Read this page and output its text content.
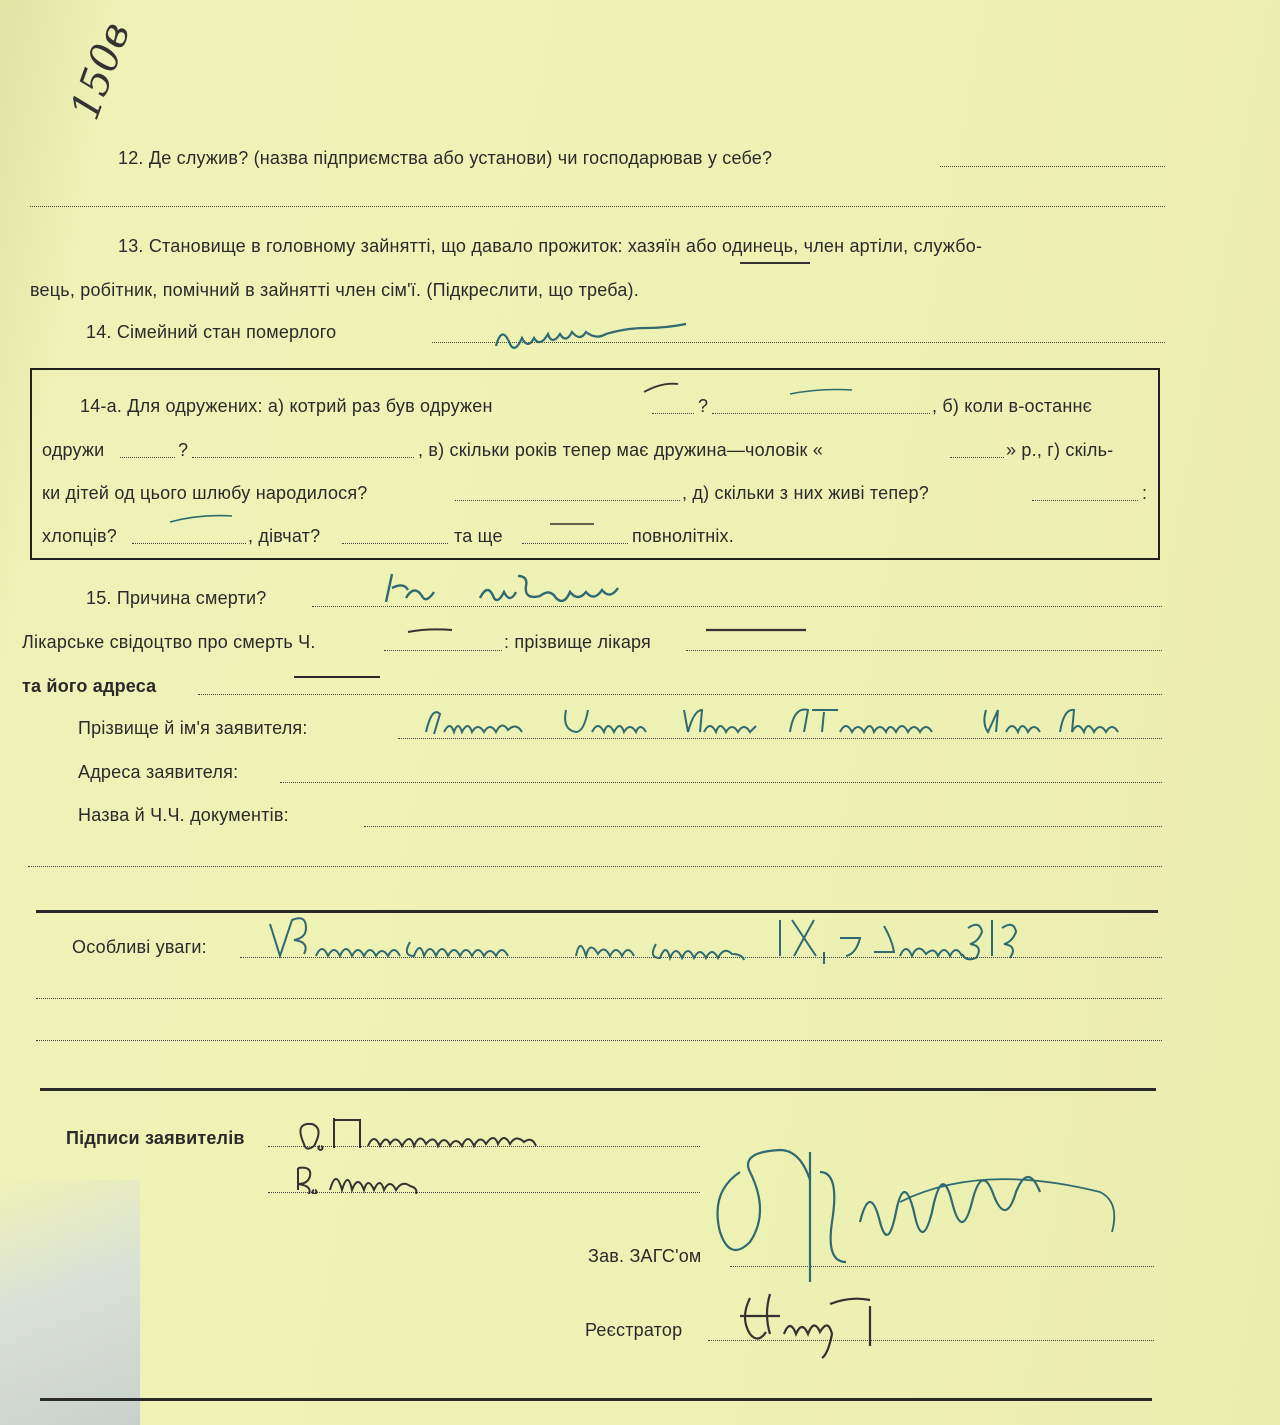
150в
12. Де служив? (назва підприємства або установи) чи господарював у себе?
13. Становище в головному зайнятті, що давало прожиток: хазяїн або одинець, член артіли, службо-
вець, робітник, помічний в зайнятті член сім'ї. (Підкреслити, що треба).
14. Сімейний стан померлого
14-а. Для одружених: а) котрий раз був одружен	?	, б) коли в-останнє
одружи	?	, в) скільки років тепер має дружина—чоловік «	» р., г) скіль-
ки дітей од цього шлюбу народилося?	, д) скільки з них живі тепер?	:
хлопців?	, дівчат?	та ще	повнолітніх.
15. Причина смерти?
Лікарське свідоцтво про смерть Ч.	: прізвище лікаря
та його адреса
Прізвище й ім'я заявителя:
Адреса заявителя:
Назва й Ч.Ч. документів:
Особливі уваги:
Підписи заявителів
Зав. ЗАГС'ом
Реєстратор
